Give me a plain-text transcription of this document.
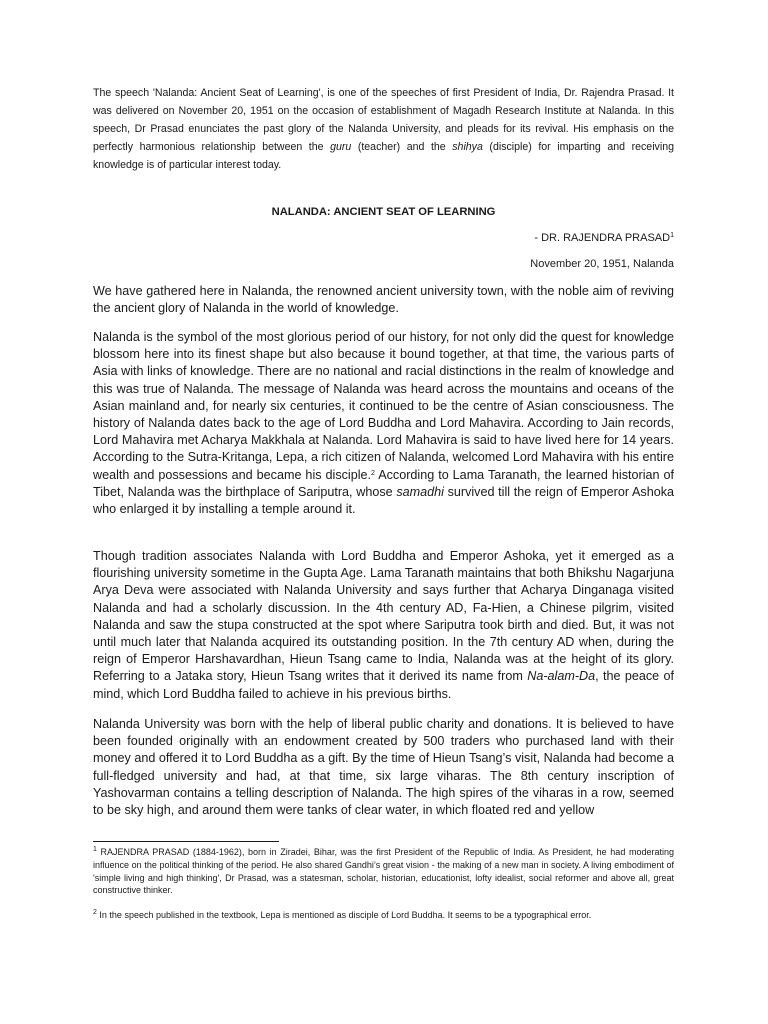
The speech 'Nalanda: Ancient Seat of Learning', is one of the speeches of first President of India, Dr. Rajendra Prasad. It was delivered on November 20, 1951 on the occasion of establishment of Magadh Research Institute at Nalanda. In this speech, Dr Prasad enunciates the past glory of the Nalanda University, and pleads for its revival. His emphasis on the perfectly harmonious relationship between the guru (teacher) and the shihya (disciple) for imparting and receiving knowledge is of particular interest today.

NALANDA: ANCIENT SEAT OF LEARNING

- DR. RAJENDRA PRASAD$^1$

November 20, 1951, Nalanda

We have gathered here in Nalanda, the renowned ancient university town, with the noble aim of reviving the ancient glory of Nalanda in the world of knowledge.

Nalanda is the symbol of the most glorious period of our history, for not only did the quest for knowledge blossom here into its finest shape but also because it bound together, at that time, the various parts of Asia with links of knowledge. There are no national and racial distinctions in the realm of knowledge and this was true of Nalanda. The message of Nalanda was heard across the mountains and oceans of the Asian mainland and, for nearly six centuries, it continued to be the centre of Asian consciousness. The history of Nalanda dates back to the age of Lord Buddha and Lord Mahavira. According to Jain records, Lord Mahavira met Acharya Makkhala at Nalanda. Lord Mahavira is said to have lived here for 14 years. According to the Sutra-Kritanga, Lepa, a rich citizen of Nalanda, welcomed Lord Mahavira with his entire wealth and possessions and became his disciple.$^2$ According to Lama Taranath, the learned historian of Tibet, Nalanda was the birthplace of Sariputra, whose samadhi survived till the reign of Emperor Ashoka who enlarged it by installing a temple around it.

Though tradition associates Nalanda with Lord Buddha and Emperor Ashoka, yet it emerged as a flourishing university sometime in the Gupta Age. Lama Taranath maintains that both Bhikshu Nagarjuna Arya Deva were associated with Nalanda University and says further that Acharya Dinganaga visited Nalanda and had a scholarly discussion. In the 4th century AD, Fa-Hien, a Chinese pilgrim, visited Nalanda and saw the stupa constructed at the spot where Sariputra took birth and died. But, it was not until much later that Nalanda acquired its outstanding position. In the 7th century AD when, during the reign of Emperor Harshavardhan, Hieun Tsang came to India, Nalanda was at the height of its glory. Referring to a Jataka story, Hieun Tsang writes that it derived its name from Na-alam-Da, the peace of mind, which Lord Buddha failed to achieve in his previous births.

Nalanda University was born with the help of liberal public charity and donations. It is believed to have been founded originally with an endowment created by 500 traders who purchased land with their money and offered it to Lord Buddha as a gift. By the time of Hieun Tsang’s visit, Nalanda had become a full-fledged university and had, at that time, six large viharas. The 8th century inscription of Yashovarman contains a telling description of Nalanda. The high spires of the viharas in a row, seemed to be sky high, and around them were tanks of clear water, in which floated red and yellow

$^1$ RAJENDRA PRASAD (1884-1962), born in Ziradei, Bihar, was the first President of the Republic of India. As President, he had moderating influence on the political thinking of the period. He also shared Gandhi’s great vision - the making of a new man in society. A living embodiment of 'simple living and high thinking', Dr Prasad, was a statesman, scholar, historian, educationist, lofty idealist, social reformer and above all, great constructive thinker.

$^2$ In the speech published in the textbook, Lepa is mentioned as disciple of Lord Buddha. It seems to be a typographical error.
